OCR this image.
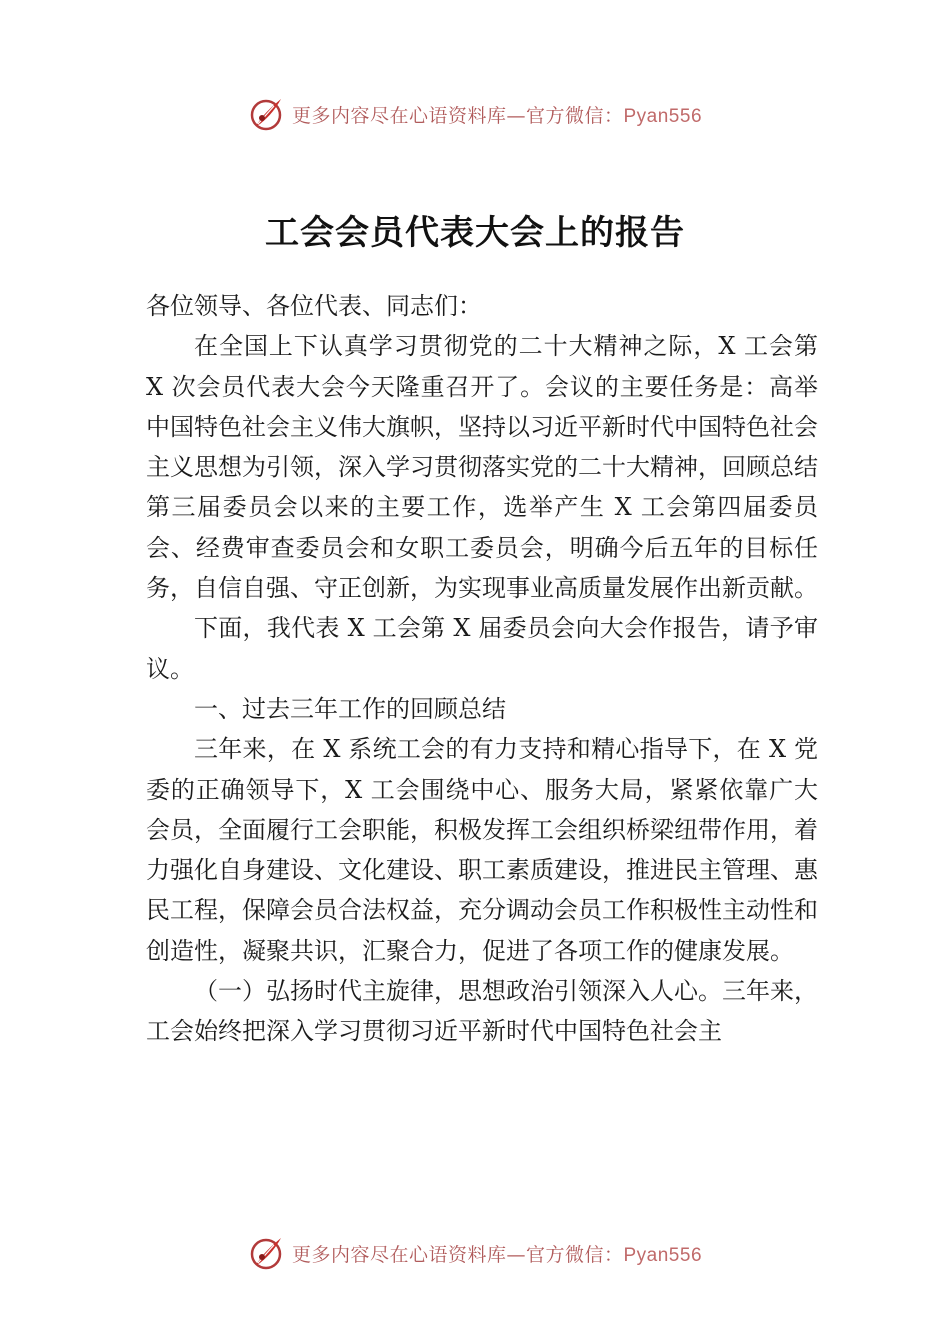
更多内容尽在心语资料库—官方微信：Pyan556
工会会员代表大会上的报告

各位领导、各位代表、同志们：

在全国上下认真学习贯彻党的二十大精神之际，X 工会第 X 次会员代表大会今天隆重召开了。会议的主要任务是：高举中国特色社会主义伟大旗帜，坚持以习近平新时代中国特色社会主义思想为引领，深入学习贯彻落实党的二十大精神，回顾总结第三届委员会以来的主要工作，选举产生 X 工会第四届委员会、经费审查委员会和女职工委员会，明确今后五年的目标任务，自信自强、守正创新，为实现事业高质量发展作出新贡献。

下面，我代表 X 工会第 X 届委员会向大会作报告，请予审议。

一、过去三年工作的回顾总结

三年来，在 X 系统工会的有力支持和精心指导下，在 X 党委的正确领导下，X 工会围绕中心、服务大局，紧紧依靠广大会员，全面履行工会职能，积极发挥工会组织桥梁纽带作用，着力强化自身建设、文化建设、职工素质建设，推进民主管理、惠民工程，保障会员合法权益，充分调动会员工作积极性主动性和创造性，凝聚共识，汇聚合力，促进了各项工作的健康发展。

（一）弘扬时代主旋律，思想政治引领深入人心。三年来，工会始终把深入学习贯彻习近平新时代中国特色社会主

更多内容尽在心语资料库—官方微信：Pyan556
